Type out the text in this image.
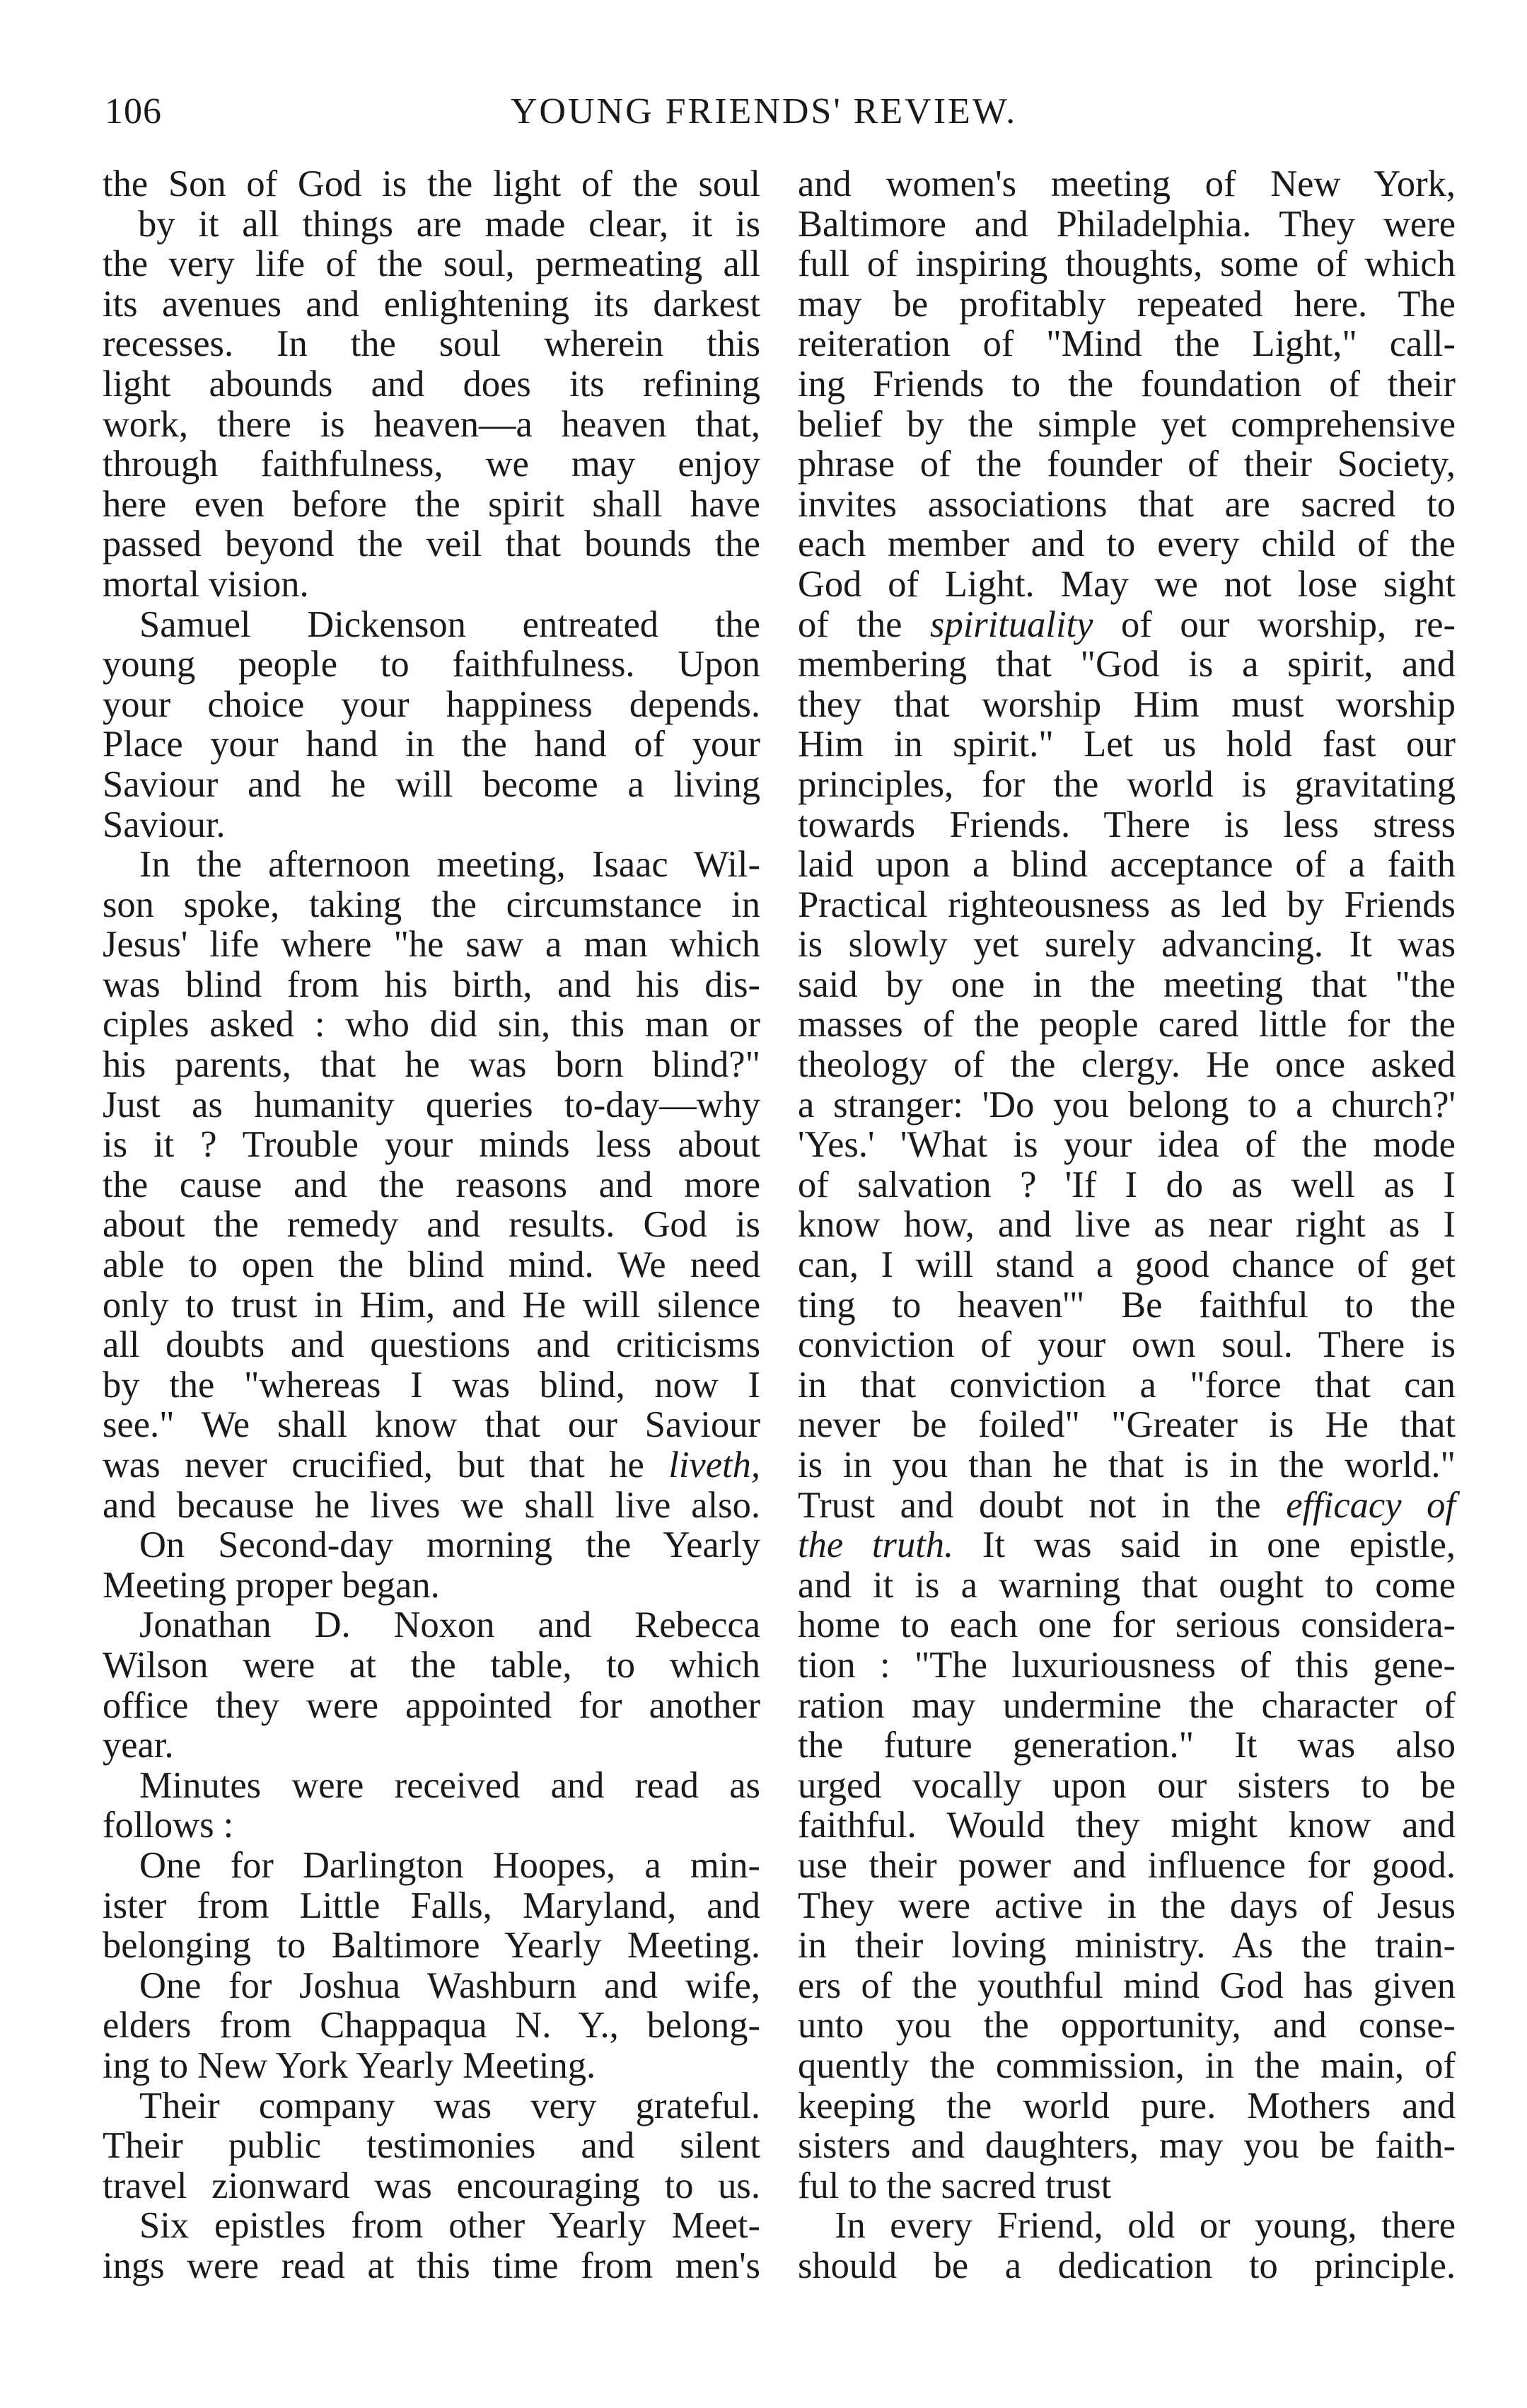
106	YOUNG FRIENDS' REVIEW.
the Son of God is the light of the soul
by it all things are made clear, it is
the very life of the soul, permeating all
its avenues and enlightening its darkest
recesses. In the soul wherein this
light abounds and does its refining
work, there is heaven—a heaven that,
through faithfulness, we may enjoy
here even before the spirit shall have
passed beyond the veil that bounds the
mortal vision.
Samuel Dickenson entreated the
young people to faithfulness. Upon
your choice your happiness depends.
Place your hand in the hand of your
Saviour and he will become a living
Saviour.
In the afternoon meeting, Isaac Wil-
son spoke, taking the circumstance in
Jesus' life where "he saw a man which
was blind from his birth, and his dis-
ciples asked : who did sin, this man or
his parents, that he was born blind?"
Just as humanity queries to-day—why
is it ? Trouble your minds less about
the cause and the reasons and more
about the remedy and results. God is
able to open the blind mind. We need
only to trust in Him, and He will silence
all doubts and questions and criticisms
by the "whereas I was blind, now I
see." We shall know that our Saviour
was never crucified, but that he liveth,
and because he lives we shall live also.
On Second-day morning the Yearly
Meeting proper began.
Jonathan D. Noxon and Rebecca
Wilson were at the table, to which
office they were appointed for another
year.
Minutes were received and read as
follows :
One for Darlington Hoopes, a min-
ister from Little Falls, Maryland, and
belonging to Baltimore Yearly Meeting.
One for Joshua Washburn and wife,
elders from Chappaqua N. Y., belong-
ing to New York Yearly Meeting.
Their company was very grateful.
Their public testimonies and silent
travel zionward was encouraging to us.
Six epistles from other Yearly Meet-
ings were read at this time from men's
and women's meeting of New York,
Baltimore and Philadelphia. They were
full of inspiring thoughts, some of which
may be profitably repeated here. The
reiteration of "Mind the Light," call-
ing Friends to the foundation of their
belief by the simple yet comprehensive
phrase of the founder of their Society,
invites associations that are sacred to
each member and to every child of the
God of Light. May we not lose sight
of the spirituality of our worship, re-
membering that "God is a spirit, and
they that worship Him must worship
Him in spirit." Let us hold fast our
principles, for the world is gravitating
towards Friends. There is less stress
laid upon a blind acceptance of a faith
Practical righteousness as led by Friends
is slowly yet surely advancing. It was
said by one in the meeting that "the
masses of the people cared little for the
theology of the clergy. He once asked
a stranger: 'Do you belong to a church?'
'Yes.' 'What is your idea of the mode
of salvation ? 'If I do as well as I
know how, and live as near right as I
can, I will stand a good chance of get
ting to heaven'" Be faithful to the
conviction of your own soul. There is
in that conviction a "force that can
never be foiled" "Greater is He that
is in you than he that is in the world."
Trust and doubt not in the efficacy of
the truth. It was said in one epistle,
and it is a warning that ought to come
home to each one for serious considera-
tion : "The luxuriousness of this gene-
ration may undermine the character of
the future generation." It was also
urged vocally upon our sisters to be
faithful. Would they might know and
use their power and influence for good.
They were active in the days of Jesus
in their loving ministry. As the train-
ers of the youthful mind God has given
unto you the opportunity, and conse-
quently the commission, in the main, of
keeping the world pure. Mothers and
sisters and daughters, may you be faith-
ful to the sacred trust
In every Friend, old or young, there
should be a dedication to principle.
